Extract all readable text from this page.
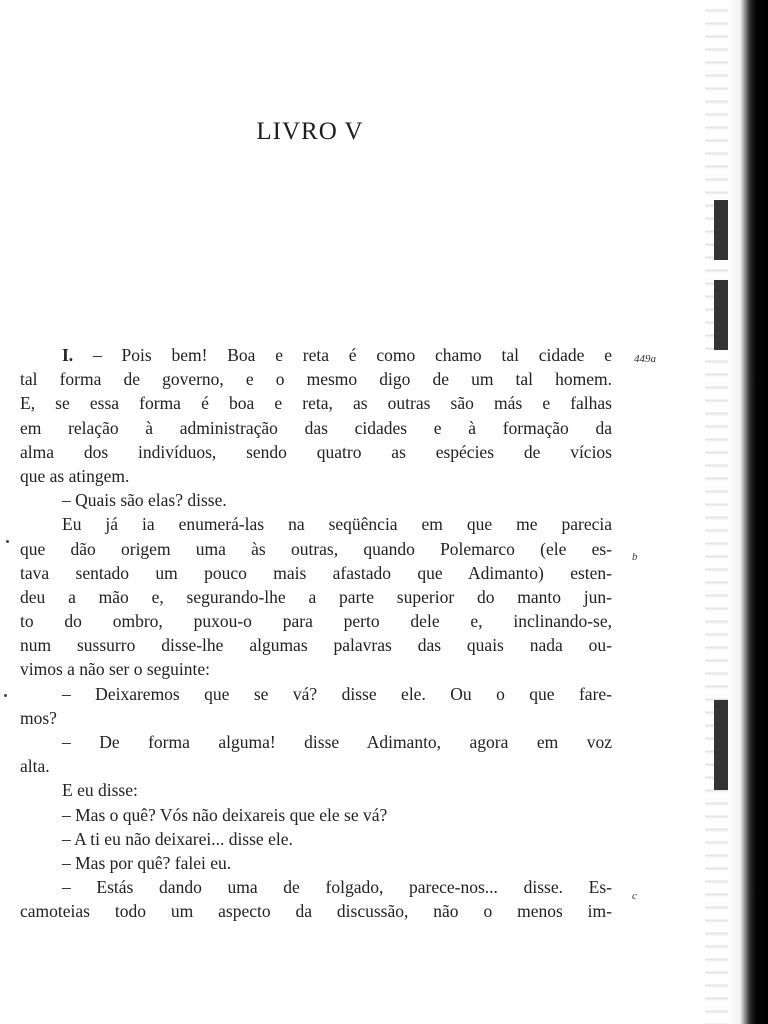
LIVRO V
I. – Pois bem! Boa e reta é como chamo tal cidade e
tal forma de governo, e o mesmo digo de um tal homem.
E, se essa forma é boa e reta, as outras são más e falhas
em relação à administração das cidades e à formação da
alma dos indivíduos, sendo quatro as espécies de vícios
que as atingem.
– Quais são elas? disse.
Eu já ia enumerá-las na seqüência em que me parecia
que dão origem uma às outras, quando Polemarco (ele es-
tava sentado um pouco mais afastado que Adimanto) esten-
deu a mão e, segurando-lhe a parte superior do manto jun-
to do ombro, puxou-o para perto dele e, inclinando-se,
num sussurro disse-lhe algumas palavras das quais nada ou-
vimos a não ser o seguinte:
– Deixaremos que se vá? disse ele. Ou o que fare-
mos?
– De forma alguma! disse Adimanto, agora em voz
alta.
E eu disse:
– Mas o quê? Vós não deixareis que ele se vá?
– A ti eu não deixarei... disse ele.
– Mas por quê? falei eu.
– Estás dando uma de folgado, parece-nos... disse. Es-
camoteias todo um aspecto da discussão, não o menos im-
449a
b
c
